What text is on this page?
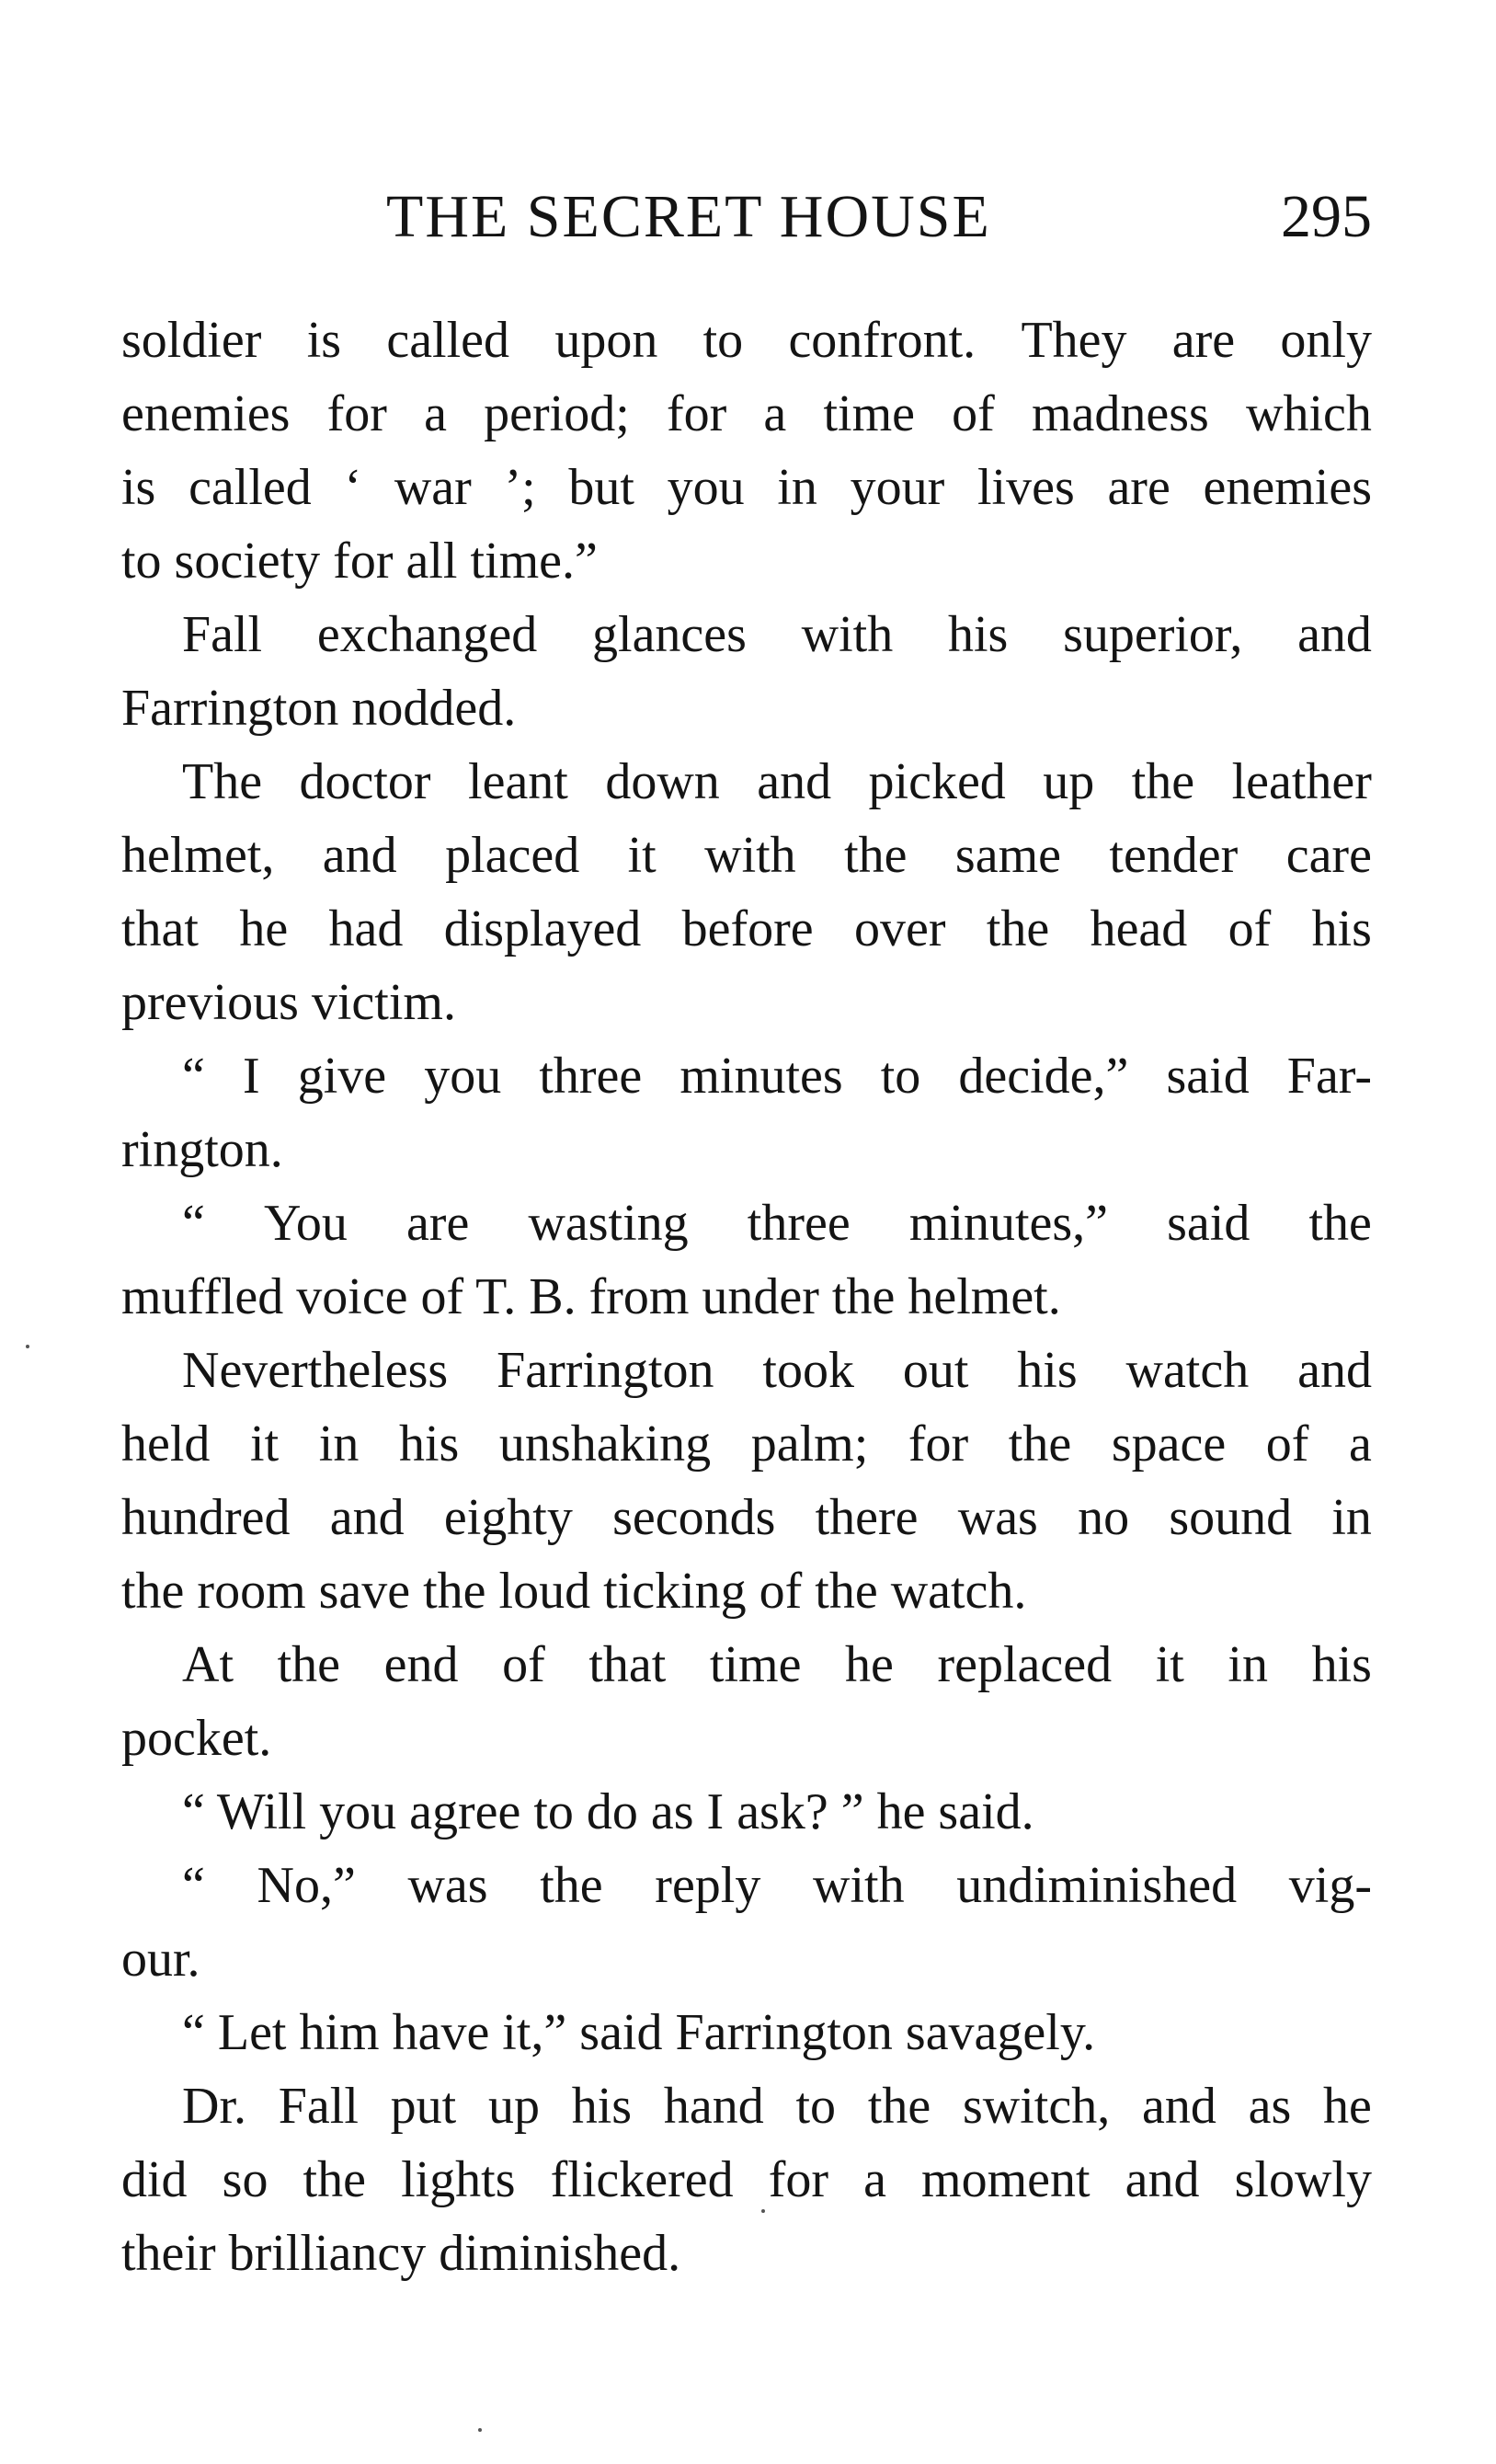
THE SECRET HOUSE	295
soldier is called upon to confront. They are only
enemies for a period; for a time of madness which
is called ‘ war ’; but you in your lives are enemies
to society for all time.”
Fall exchanged glances with his superior, and
Farrington nodded.
The doctor leant down and picked up the leather
helmet, and placed it with the same tender care
that he had displayed before over the head of his
previous victim.
“ I give you three minutes to decide,” said Far-
rington.
“ You are wasting three minutes,” said the
muffled voice of T. B. from under the helmet.
Nevertheless Farrington took out his watch and
held it in his unshaking palm; for the space of a
hundred and eighty seconds there was no sound in
the room save the loud ticking of the watch.
At the end of that time he replaced it in his
pocket.
“ Will you agree to do as I ask? ” he said.
“ No,” was the reply with undiminished vig-
our.
“ Let him have it,” said Farrington savagely.
Dr. Fall put up his hand to the switch, and as he
did so the lights flickered for a moment and slowly
their brilliancy diminished.
